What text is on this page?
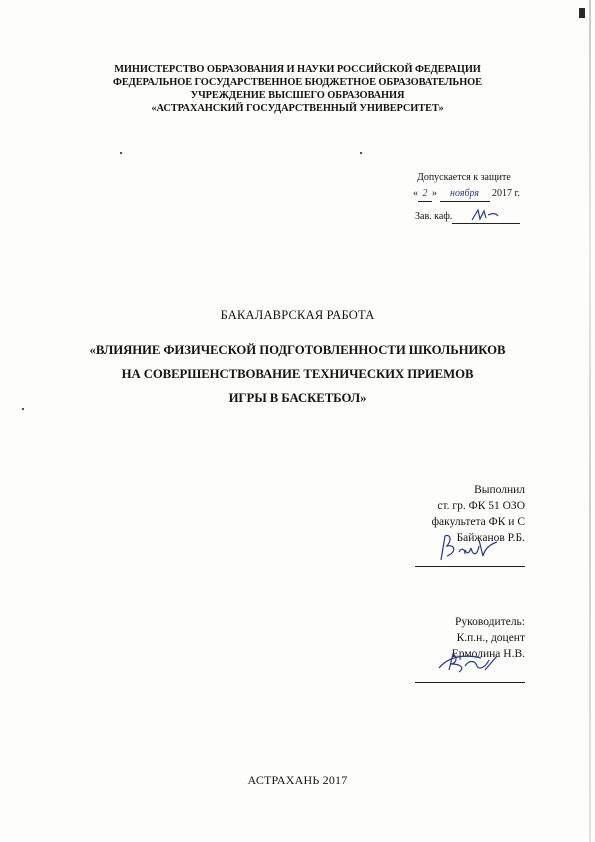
МИНИСТЕРСТВО ОБРАЗОВАНИЯ И НАУКИ РОССИЙСКОЙ ФЕДЕРАЦИИ
ФЕДЕРАЛЬНОЕ ГОСУДАРСТВЕННОЕ БЮДЖЕТНОЕ ОБРАЗОВАТЕЛЬНОЕ
УЧРЕЖДЕНИЕ ВЫСШЕГО ОБРАЗОВАНИЯ
«АСТРАХАНСКИЙ ГОСУДАРСТВЕННЫЙ УНИВЕРСИТЕТ»
Допускается к защите
« 2 » ноября 2017 г.
Зав. каф.
БАКАЛАВРСКАЯ РАБОТА
«ВЛИЯНИЕ ФИЗИЧЕСКОЙ ПОДГОТОВЛЕННОСТИ ШКОЛЬНИКОВ
НА СОВЕРШЕНСТВОВАНИЕ ТЕХНИЧЕСКИХ ПРИЕМОВ
ИГРЫ В БАСКЕТБОЛ»
Выполнил
ст. гр. ФК 51 ОЗО
факультета ФК и С
Байжанов Р.Б.
Руководитель:
К.п.н., доцент
Ермолина Н.В.
АСТРАХАНЬ 2017
